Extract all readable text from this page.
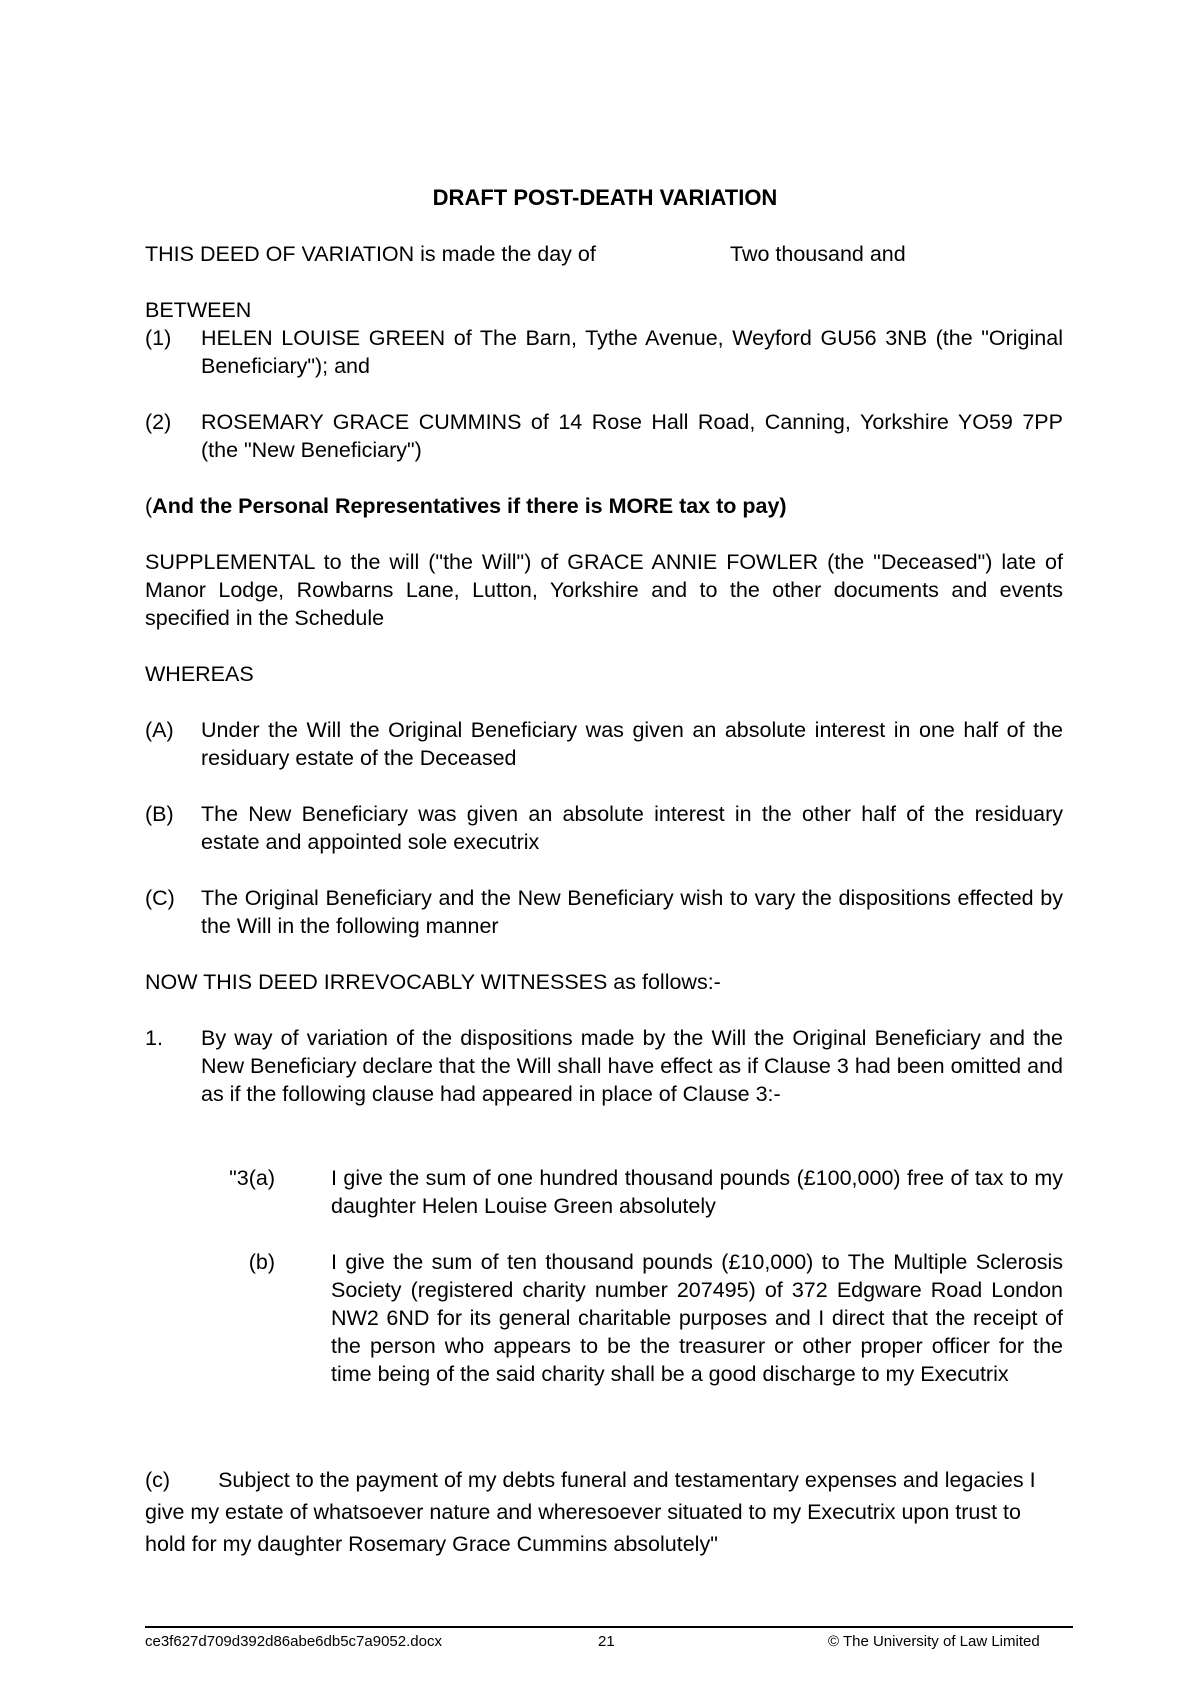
DRAFT POST-DEATH VARIATION
THIS DEED OF VARIATION is made the day of	Two thousand and
BETWEEN
(1)	HELEN LOUISE GREEN of The Barn, Tythe Avenue, Weyford GU56 3NB (the "Original Beneficiary"); and
(2)	ROSEMARY GRACE CUMMINS of 14 Rose Hall Road, Canning, Yorkshire YO59 7PP (the "New Beneficiary")
(And the Personal Representatives if there is MORE tax to pay)
SUPPLEMENTAL to the will ("the Will") of GRACE ANNIE FOWLER (the "Deceased") late of Manor Lodge, Rowbarns Lane, Lutton, Yorkshire and to the other documents and events specified in the Schedule
WHEREAS
(A)	Under the Will the Original Beneficiary was given an absolute interest in one half of the residuary estate of the Deceased
(B)	The New Beneficiary was given an absolute interest in the other half of the residuary estate and appointed sole executrix
(C)	The Original Beneficiary and the New Beneficiary wish to vary the dispositions effected by the Will in the following manner
NOW THIS DEED IRREVOCABLY WITNESSES as follows:-
1.	By way of variation of the dispositions made by the Will the Original Beneficiary and the New Beneficiary declare that the Will shall have effect as if Clause 3 had been omitted and as if the following clause had appeared in place of Clause 3:-
"3(a)	I give the sum of one hundred thousand pounds (£100,000) free of tax to my daughter Helen Louise Green absolutely
(b)	I give the sum of ten thousand pounds (£10,000) to The Multiple Sclerosis Society (registered charity number 207495) of 372 Edgware Road London NW2 6ND for its general charitable purposes and I direct that the receipt of the person who appears to be the treasurer or other proper officer for the time being of the said charity shall be a good discharge to my Executrix
(c) Subject to the payment of my debts funeral and testamentary expenses and legacies I give my estate of whatsoever nature and wheresoever situated to my Executrix upon trust to hold for my daughter Rosemary Grace Cummins absolutely"
ce3f627d709d392d86abe6db5c7a9052.docx	21	© The University of Law Limited
